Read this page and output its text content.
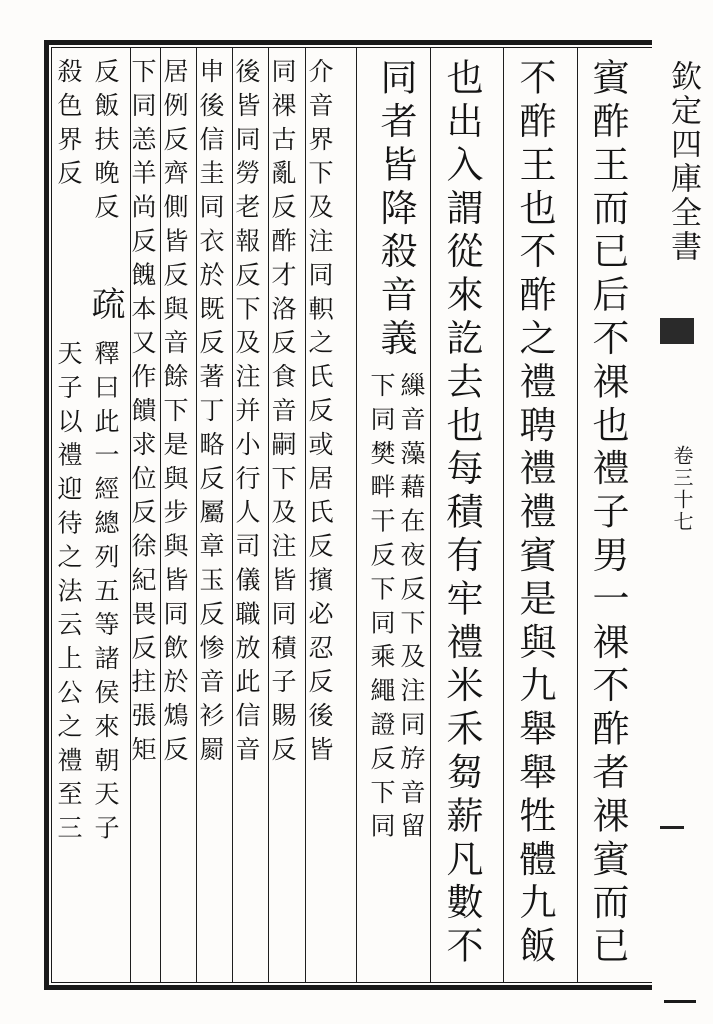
欽定四庫全書
卷三十七
賓酢王而已后不祼也禮子男一祼不酢者祼賓而已
不酢王也不酢之禮聘禮禮賓是與九舉舉牲體九飯
也出入謂從來訖去也每積有牢禮米禾芻薪凡數不
同者皆降殺音義
繅音藻藉在夜反下及注同斿音留
下同樊畔干反下同乘繩證反下同
介音界下及注同軹之氏反或居氏反擯必忍反後皆
同祼古亂反酢才洛反食音嗣下及注皆同積子賜反
後皆同勞老報反下及注并小行人司儀職放此信音
申後信圭同衣於既反著丁略反屬章玉反惨音衫罽
居例反齊側皆反與音餘下是與步與皆同飲於鴆反
下同恙羊尚反餽本又作饋求位反徐紀畏反拄張矩
反飯扶晚反
疏
釋曰此一經總列五等諸侯來朝天子
殺色界反
天子以禮迎待之法云上公之禮至三
